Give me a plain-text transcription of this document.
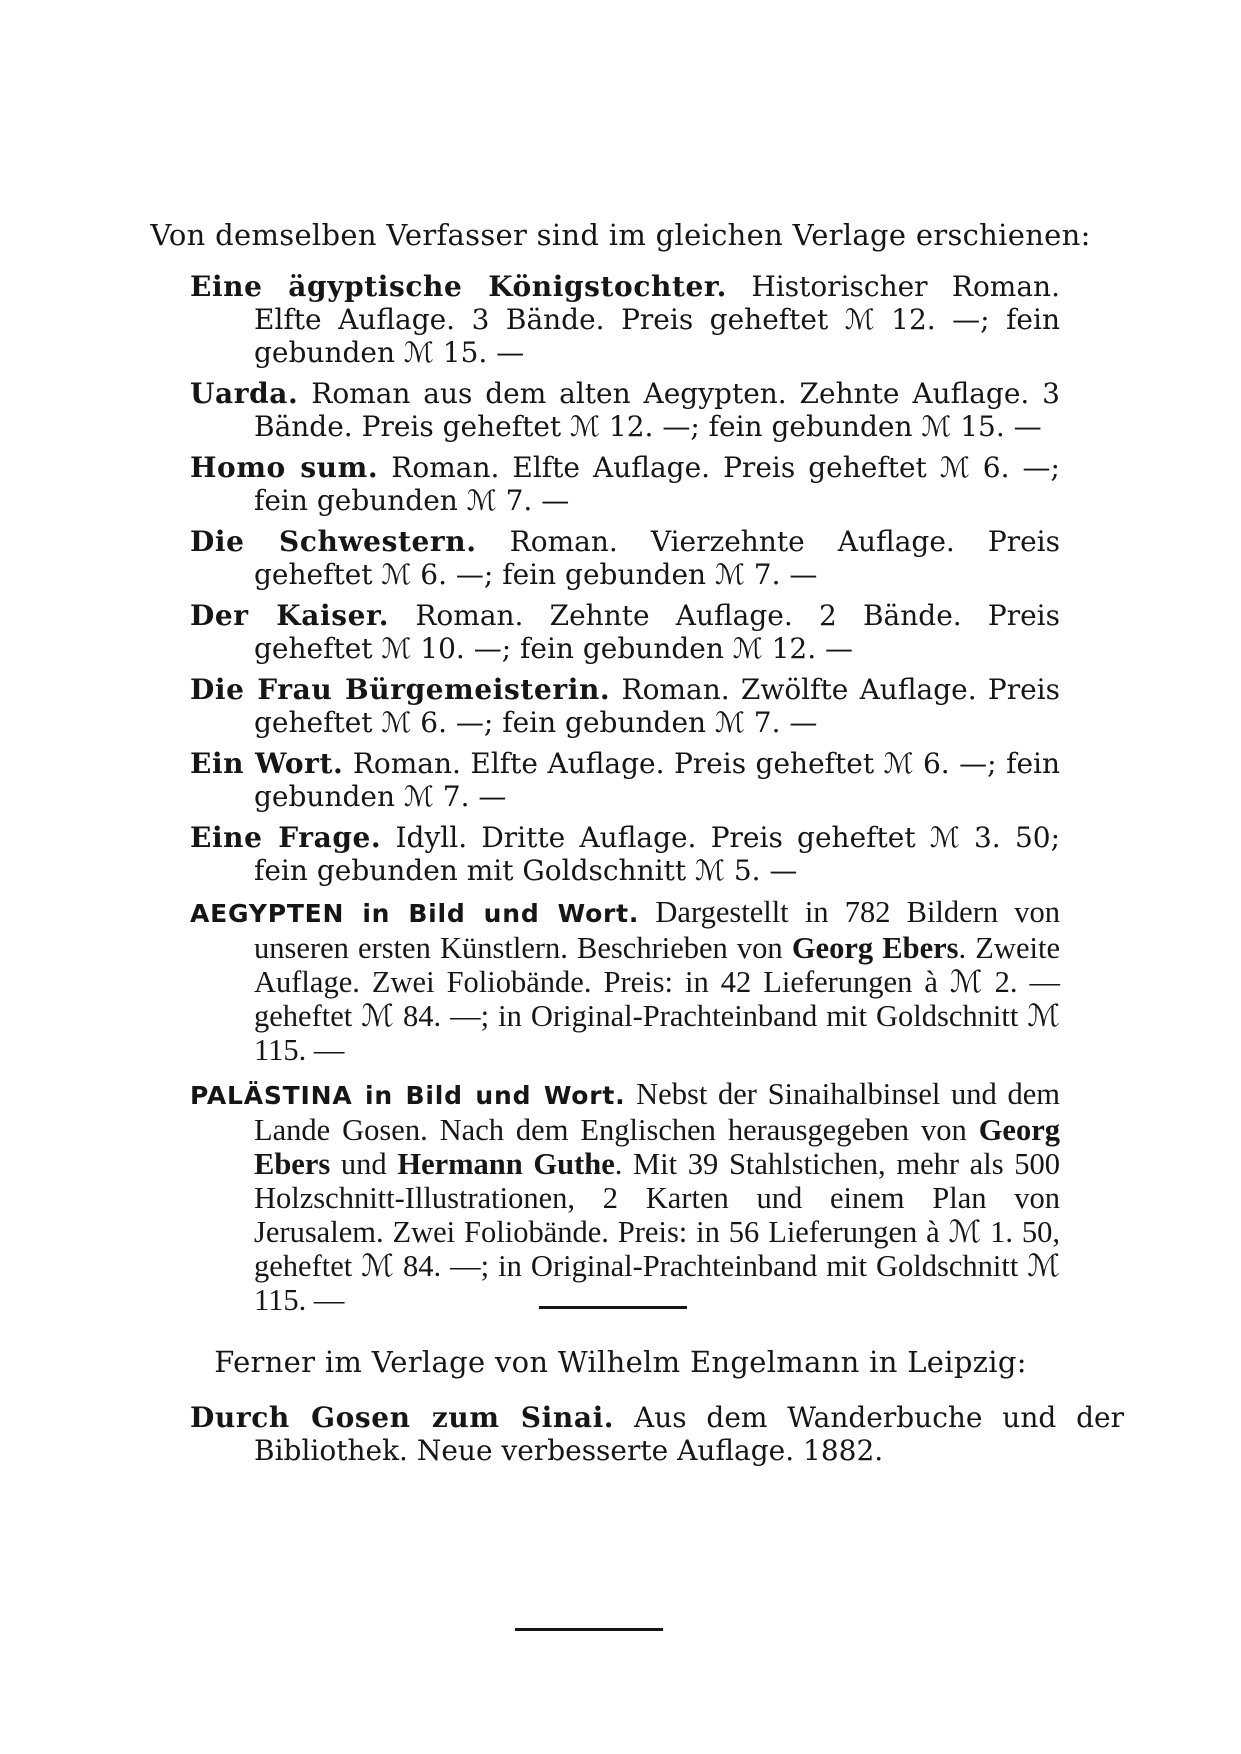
Von demselben Verfasser sind im gleichen Verlage erschienen:
Eine ägyptische Königstochter. Historischer Roman. Elfte Auflage. 3 Bände. Preis geheftet ℳ 12. —; fein gebunden ℳ 15. —
Uarda. Roman aus dem alten Aegypten. Zehnte Auflage. 3 Bände. Preis geheftet ℳ 12. —; fein gebunden ℳ 15. —
Homo sum. Roman. Elfte Auflage. Preis geheftet ℳ 6. —; fein gebunden ℳ 7. —
Die Schwestern. Roman. Vierzehnte Auflage. Preis geheftet ℳ 6. —; fein gebunden ℳ 7. —
Der Kaiser. Roman. Zehnte Auflage. 2 Bände. Preis geheftet ℳ 10. —; fein gebunden ℳ 12. —
Die Frau Bürgemeisterin. Roman. Zwölfte Auflage. Preis geheftet ℳ 6. —; fein gebunden ℳ 7. —
Ein Wort. Roman. Elfte Auflage. Preis geheftet ℳ 6. —; fein gebunden ℳ 7. —
Eine Frage. Idyll. Dritte Auflage. Preis geheftet ℳ 3. 50; fein gebunden mit Goldschnitt ℳ 5. —
AEGYPTEN in Bild und Wort. Dargestellt in 782 Bildern von unseren ersten Künstlern. Beschrieben von Georg Ebers. Zweite Auflage. Zwei Foliobände. Preis: in 42 Lieferungen à ℳ 2. — geheftet ℳ 84. —; in Original-Prachteinband mit Goldschnitt ℳ 115. —
PALÄSTINA in Bild und Wort. Nebst der Sinaihalbinsel und dem Lande Gosen. Nach dem Englischen herausgegeben von Georg Ebers und Hermann Guthe. Mit 39 Stahlstichen, mehr als 500 Holzschnitt-Illustrationen, 2 Karten und einem Plan von Jerusalem. Zwei Foliobände. Preis: in 56 Lieferungen à ℳ 1. 50, geheftet ℳ 84. —; in Original-Prachteinband mit Goldschnitt ℳ 115. —
Ferner im Verlage von Wilhelm Engelmann in Leipzig:
Durch Gosen zum Sinai. Aus dem Wanderbuche und der Bibliothek. Neue verbesserte Auflage. 1882.
